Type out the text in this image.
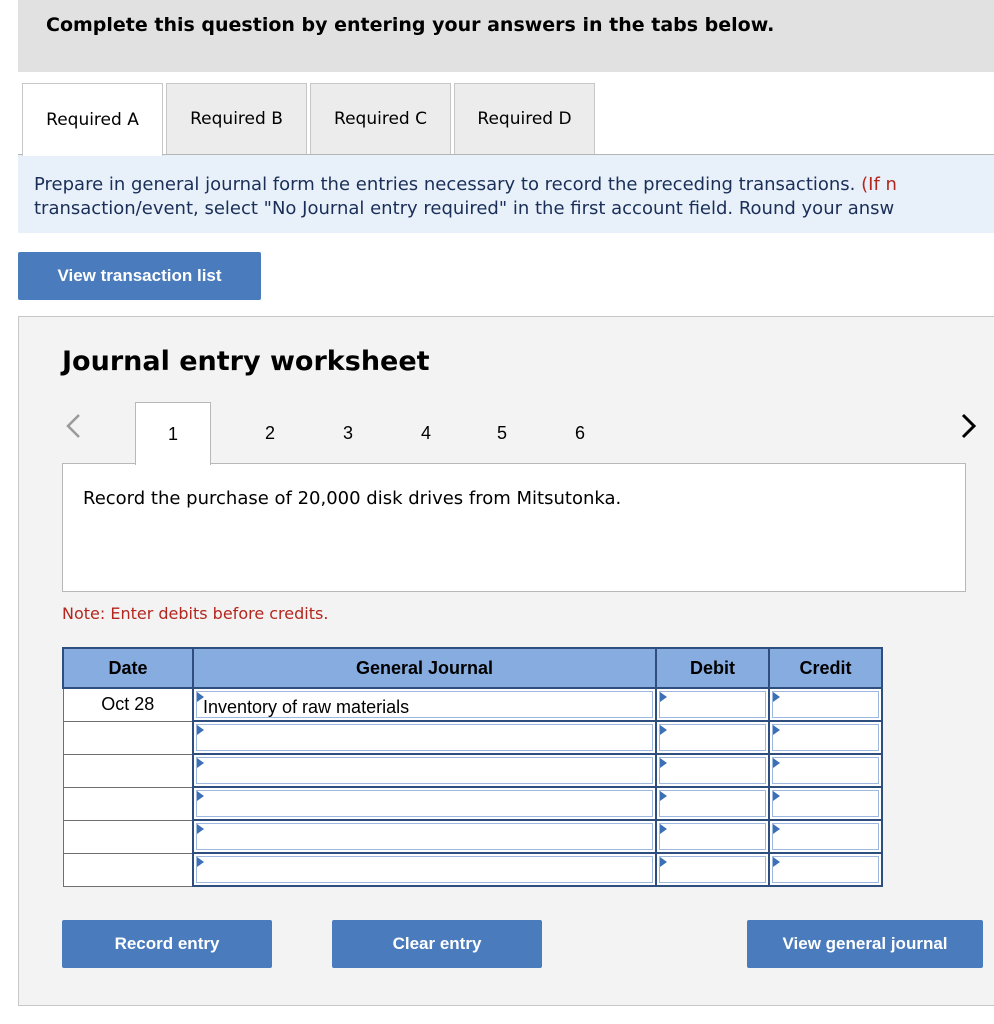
Complete this question by entering your answers in the tabs below.
Required A	Required B	Required C	Required D
Prepare in general journal form the entries necessary to record the preceding transactions. (If n
transaction/event, select "No Journal entry required" in the first account field. Round your answ
View transaction list
Journal entry worksheet
1	2	3	4	5	6
Record the purchase of 20,000 disk drives from Mitsutonka.
Note: Enter debits before credits.
Date	General Journal	Debit	Credit
Oct 28	Inventory of raw materials		

Record entry	Clear entry	View general journal
